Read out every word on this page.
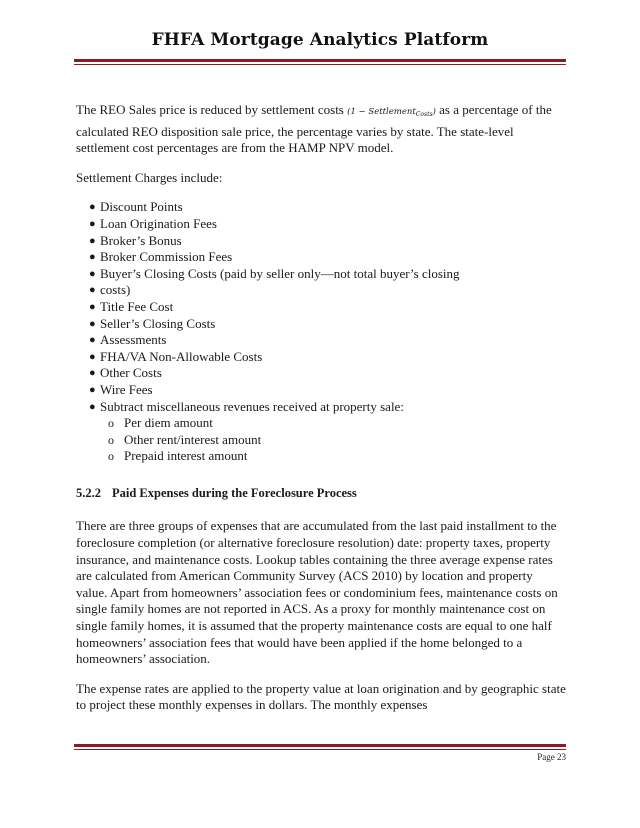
FHFA Mortgage Analytics Platform

The REO Sales price is reduced by settlement costs (1 − Settlement$_{Costs}$) as a percentage of the calculated REO disposition sale price, the percentage varies by state. The state-level settlement cost percentages are from the HAMP NPV model.

Settlement Charges include:

● Discount Points
● Loan Origination Fees
● Broker’s Bonus
● Broker Commission Fees
● Buyer’s Closing Costs (paid by seller only—not total buyer’s closing
● costs)
● Title Fee Cost
● Seller’s Closing Costs
● Assessments
● FHA/VA Non-Allowable Costs
● Other Costs
● Wire Fees
● Subtract miscellaneous revenues received at property sale:
o Per diem amount
o Other rent/interest amount
o Prepaid interest amount
5.2.2 Paid Expenses during the Foreclosure Process

There are three groups of expenses that are accumulated from the last paid installment to the foreclosure completion (or alternative foreclosure resolution) date: property taxes, property insurance, and maintenance costs. Lookup tables containing the three average expense rates are calculated from American Community Survey (ACS 2010) by location and property value. Apart from homeowners’ association fees or condominium fees, maintenance costs on single family homes are not reported in ACS. As a proxy for monthly maintenance cost on single family homes, it is assumed that the property maintenance costs are equal to one half homeowners’ association fees that would have been applied if the home belonged to a homeowners’ association.

The expense rates are applied to the property value at loan origination and by geographic state to project these monthly expenses in dollars. The monthly expenses

Page 23
